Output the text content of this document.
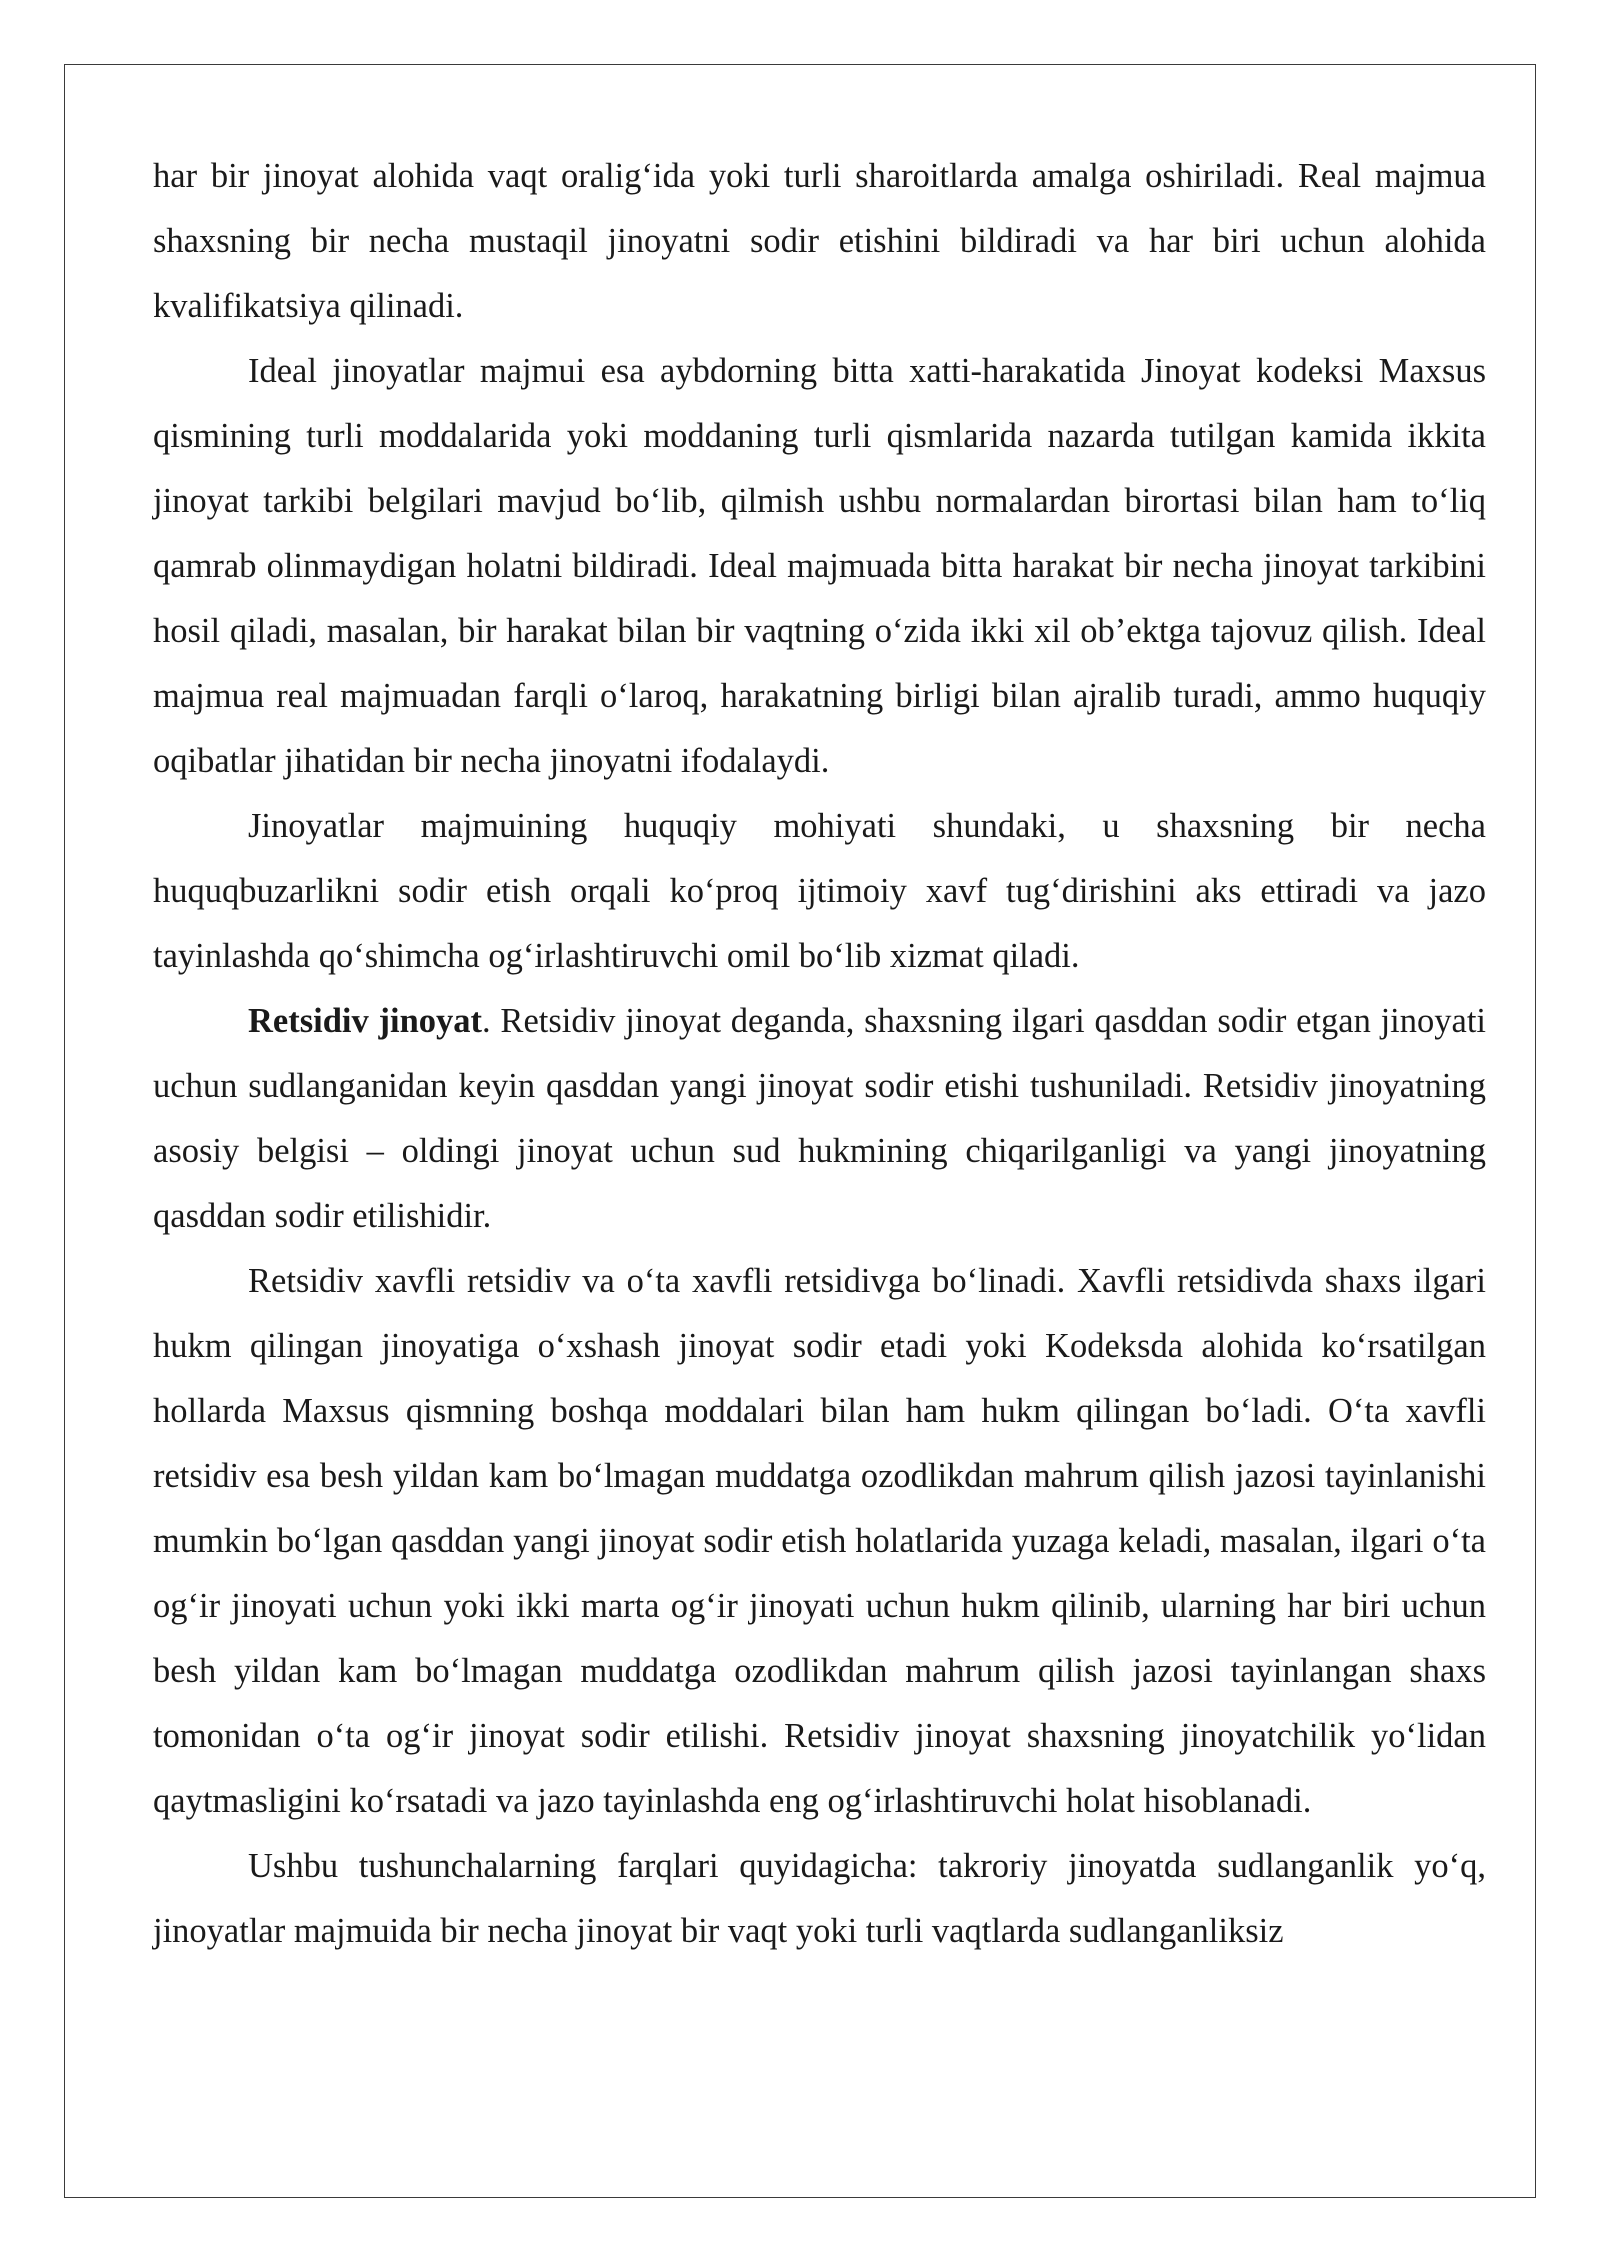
har bir jinoyat alohida vaqt oralig‘ida yoki turli sharoitlarda amalga oshiriladi. Real majmua shaxsning bir necha mustaqil jinoyatni sodir etishini bildiradi va har biri uchun alohida kvalifikatsiya qilinadi.

Ideal jinoyatlar majmui esa aybdorning bitta xatti-harakatida Jinoyat kodeksi Maxsus qismining turli moddalarida yoki moddaning turli qismlarida nazarda tutilgan kamida ikkita jinoyat tarkibi belgilari mavjud bo‘lib, qilmish ushbu normalardan birortasi bilan ham to‘liq qamrab olinmaydigan holatni bildiradi. Ideal majmuada bitta harakat bir necha jinoyat tarkibini hosil qiladi, masalan, bir harakat bilan bir vaqtning o‘zida ikki xil ob’ektga tajovuz qilish. Ideal majmua real majmuadan farqli o‘laroq, harakatning birligi bilan ajralib turadi, ammo huquqiy oqibatlar jihatidan bir necha jinoyatni ifodalaydi.

Jinoyatlar majmuining huquqiy mohiyati shundaki, u shaxsning bir necha huquqbuzarlikni sodir etish orqali ko‘proq ijtimoiy xavf tug‘dirishini aks ettiradi va jazo tayinlashda qo‘shimcha og‘irlashtiruvchi omil bo‘lib xizmat qiladi.

Retsidiv jinoyat. Retsidiv jinoyat deganda, shaxsning ilgari qasddan sodir etgan jinoyati uchun sudlanganidan keyin qasddan yangi jinoyat sodir etishi tushuniladi. Retsidiv jinoyatning asosiy belgisi – oldingi jinoyat uchun sud hukmining chiqarilganligi va yangi jinoyatning qasddan sodir etilishidir.

Retsidiv xavfli retsidiv va o‘ta xavfli retsidivga bo‘linadi. Xavfli retsidivda shaxs ilgari hukm qilingan jinoyatiga o‘xshash jinoyat sodir etadi yoki Kodeksda alohida ko‘rsatilgan hollarda Maxsus qismning boshqa moddalari bilan ham hukm qilingan bo‘ladi. O‘ta xavfli retsidiv esa besh yildan kam bo‘lmagan muddatga ozodlikdan mahrum qilish jazosi tayinlanishi mumkin bo‘lgan qasddan yangi jinoyat sodir etish holatlarida yuzaga keladi, masalan, ilgari o‘ta og‘ir jinoyati uchun yoki ikki marta og‘ir jinoyati uchun hukm qilinib, ularning har biri uchun besh yildan kam bo‘lmagan muddatga ozodlikdan mahrum qilish jazosi tayinlangan shaxs tomonidan o‘ta og‘ir jinoyat sodir etilishi. Retsidiv jinoyat shaxsning jinoyatchilik yo‘lidan qaytmasligini ko‘rsatadi va jazo tayinlashda eng og‘irlashtiruvchi holat hisoblanadi.

Ushbu tushunchalarning farqlari quyidagicha: takroriy jinoyatda sudlanganlik yo‘q, jinoyatlar majmuida bir necha jinoyat bir vaqt yoki turli vaqtlarda sudlanganliksiz
